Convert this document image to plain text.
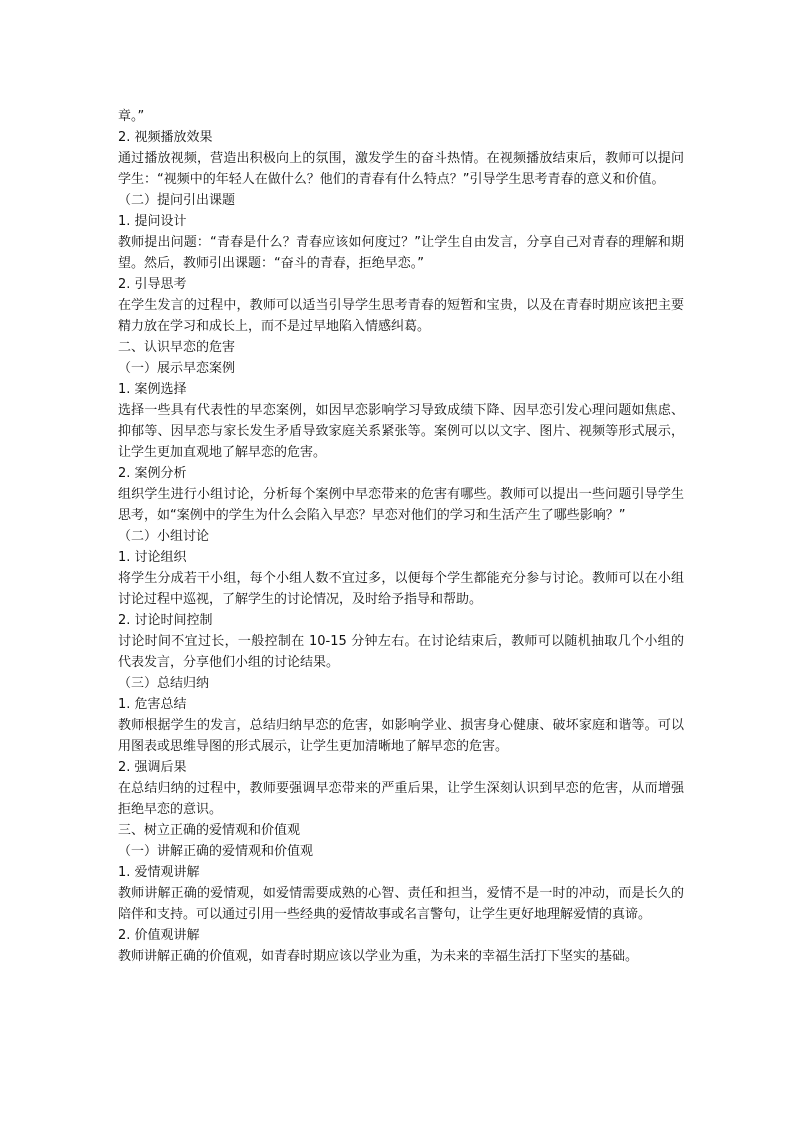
章。”

2. 视频播放效果

通过播放视频，营造出积极向上的氛围，激发学生的奋斗热情。在视频播放结束后，教师可以提问学生：“视频中的年轻人在做什么？他们的青春有什么特点？”引导学生思考青春的意义和价值。

（二）提问引出课题

1. 提问设计

教师提出问题：“青春是什么？青春应该如何度过？”让学生自由发言，分享自己对青春的理解和期望。然后，教师引出课题：“奋斗的青春，拒绝早恋。”

2. 引导思考

在学生发言的过程中，教师可以适当引导学生思考青春的短暂和宝贵，以及在青春时期应该把主要精力放在学习和成长上，而不是过早地陷入情感纠葛。

二、认识早恋的危害

（一）展示早恋案例

1. 案例选择

选择一些具有代表性的早恋案例，如因早恋影响学习导致成绩下降、因早恋引发心理问题如焦虑、抑郁等、因早恋与家长发生矛盾导致家庭关系紧张等。案例可以以文字、图片、视频等形式展示，让学生更加直观地了解早恋的危害。

2. 案例分析

组织学生进行小组讨论，分析每个案例中早恋带来的危害有哪些。教师可以提出一些问题引导学生思考，如“案例中的学生为什么会陷入早恋？早恋对他们的学习和生活产生了哪些影响？”

（二）小组讨论

1. 讨论组织

将学生分成若干小组，每个小组人数不宜过多，以便每个学生都能充分参与讨论。教师可以在小组讨论过程中巡视，了解学生的讨论情况，及时给予指导和帮助。

2. 讨论时间控制

讨论时间不宜过长，一般控制在 10-15 分钟左右。在讨论结束后，教师可以随机抽取几个小组的代表发言，分享他们小组的讨论结果。

（三）总结归纳

1. 危害总结

教师根据学生的发言，总结归纳早恋的危害，如影响学业、损害身心健康、破坏家庭和谐等。可以用图表或思维导图的形式展示，让学生更加清晰地了解早恋的危害。

2. 强调后果

在总结归纳的过程中，教师要强调早恋带来的严重后果，让学生深刻认识到早恋的危害，从而增强拒绝早恋的意识。

三、树立正确的爱情观和价值观

（一）讲解正确的爱情观和价值观

1. 爱情观讲解

教师讲解正确的爱情观，如爱情需要成熟的心智、责任和担当，爱情不是一时的冲动，而是长久的陪伴和支持。可以通过引用一些经典的爱情故事或名言警句，让学生更好地理解爱情的真谛。

2. 价值观讲解

教师讲解正确的价值观，如青春时期应该以学业为重，为未来的幸福生活打下坚实的基础。
